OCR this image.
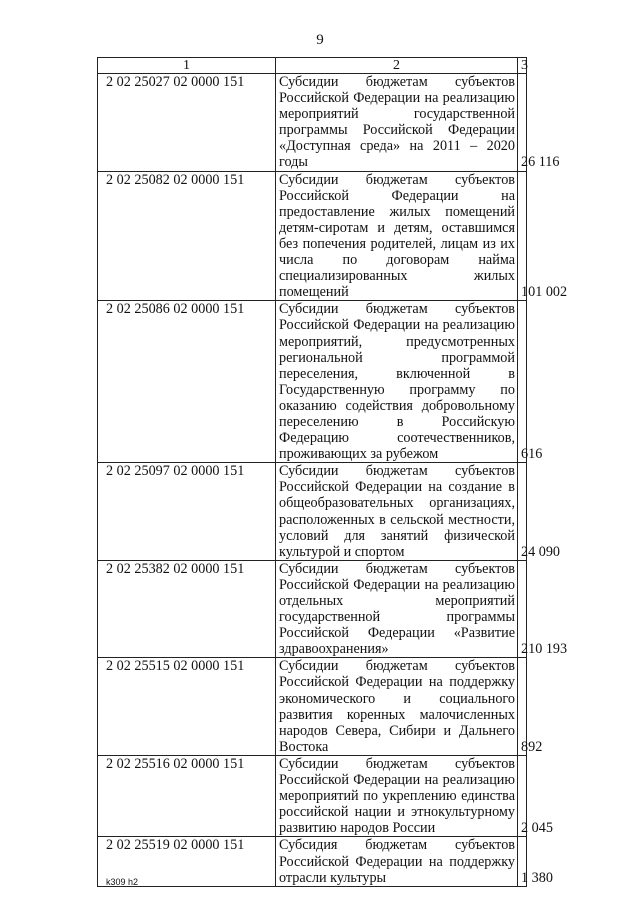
9
1	2	3
2 02 25027 02 0000 151	Субсидии бюджетам субъектов Российской Федерации на реализацию мероприятий государственной программы Российской Федерации «Доступная среда» на 2011 – 2020 годы	26 116
2 02 25082 02 0000 151	Субсидии бюджетам субъектов Российской Федерации на предоставление жилых помещений детям-сиротам и детям, оставшимся без попечения родителей, лицам из их числа по договорам найма специализированных жилых помещений	101 002
2 02 25086 02 0000 151	Субсидии бюджетам субъектов Российской Федерации на реализацию мероприятий, предусмотренных региональной программой переселения, включенной в Государственную программу по оказанию содействия добровольному переселению в Российскую Федерацию соотечественников, проживающих за рубежом	616
2 02 25097 02 0000 151	Субсидии бюджетам субъектов Российской Федерации на создание в общеобразовательных организациях, расположенных в сельской местности, условий для занятий физической культурой и спортом	24 090
2 02 25382 02 0000 151	Субсидии бюджетам субъектов Российской Федерации на реализацию отдельных мероприятий государственной программы Российской Федерации «Развитие здравоохранения»	210 193
2 02 25515 02 0000 151	Субсидии бюджетам субъектов Российской Федерации на поддержку экономического и социального развития коренных малочисленных народов Севера, Сибири и Дальнего Востока	892
2 02 25516 02 0000 151	Субсидии бюджетам субъектов Российской Федерации на реализацию мероприятий по укреплению единства российской нации и этнокультурному развитию народов России	2 045
2 02 25519 02 0000 151	Субсидия бюджетам субъектов Российской Федерации на поддержку отрасли культуры	1 380
k309 h2
